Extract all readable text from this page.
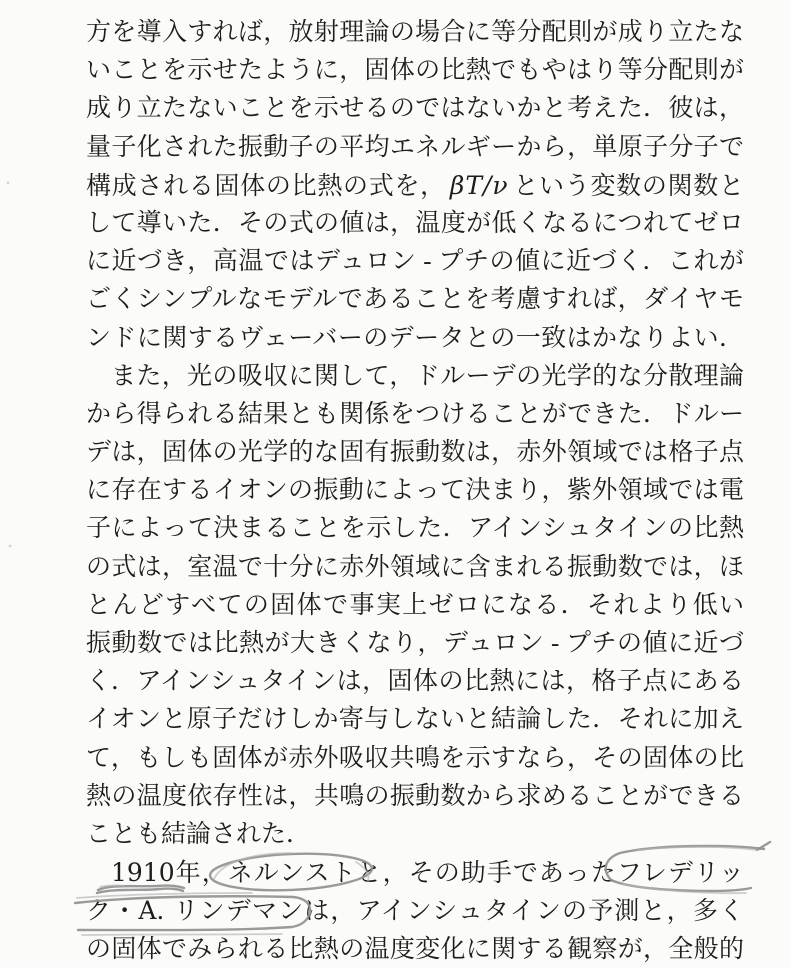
方を導入すれば，放射理論の場合に等分配則が成り立たな
いことを示せたように，固体の比熱でもやはり等分配則が
成り立たないことを示せるのではないかと考えた．彼は，
量子化された振動子の平均エネルギーから，単原子分子で
構成される固体の比熱の式を， βT/ν という変数の関数と
して導いた．その式の値は，温度が低くなるにつれてゼロ
に近づき，高温ではデュロン - プチの値に近づく．これが
ごくシンプルなモデルであることを考慮すれば，ダイヤモ
ンドに関するヴェーバーのデータとの一致はかなりよい．
また，光の吸収に関して，ドルーデの光学的な分散理論
から得られる結果とも関係をつけることができた．ドルー
デは，固体の光学的な固有振動数は，赤外領域では格子点
に存在するイオンの振動によって決まり，紫外領域では電
子によって決まることを示した．アインシュタインの比熱
の式は，室温で十分に赤外領域に含まれる振動数では，ほ
とんどすべての固体で事実上ゼロになる．それより低い
振動数では比熱が大きくなり，デュロン - プチの値に近づ
く．アインシュタインは，固体の比熱には，格子点にある
イオンと原子だけしか寄与しないと結論した．それに加え
て，もしも固体が赤外吸収共鳴を示すなら，その固体の比
熱の温度依存性は，共鳴の振動数から求めることができる
ことも結論された．
1910年，ネルンストと，その助手であったフレデリッ
ク・A. リンデマンは，アインシュタインの予測と，多く
の固体でみられる比熱の温度変化に関する観察が，全般的
